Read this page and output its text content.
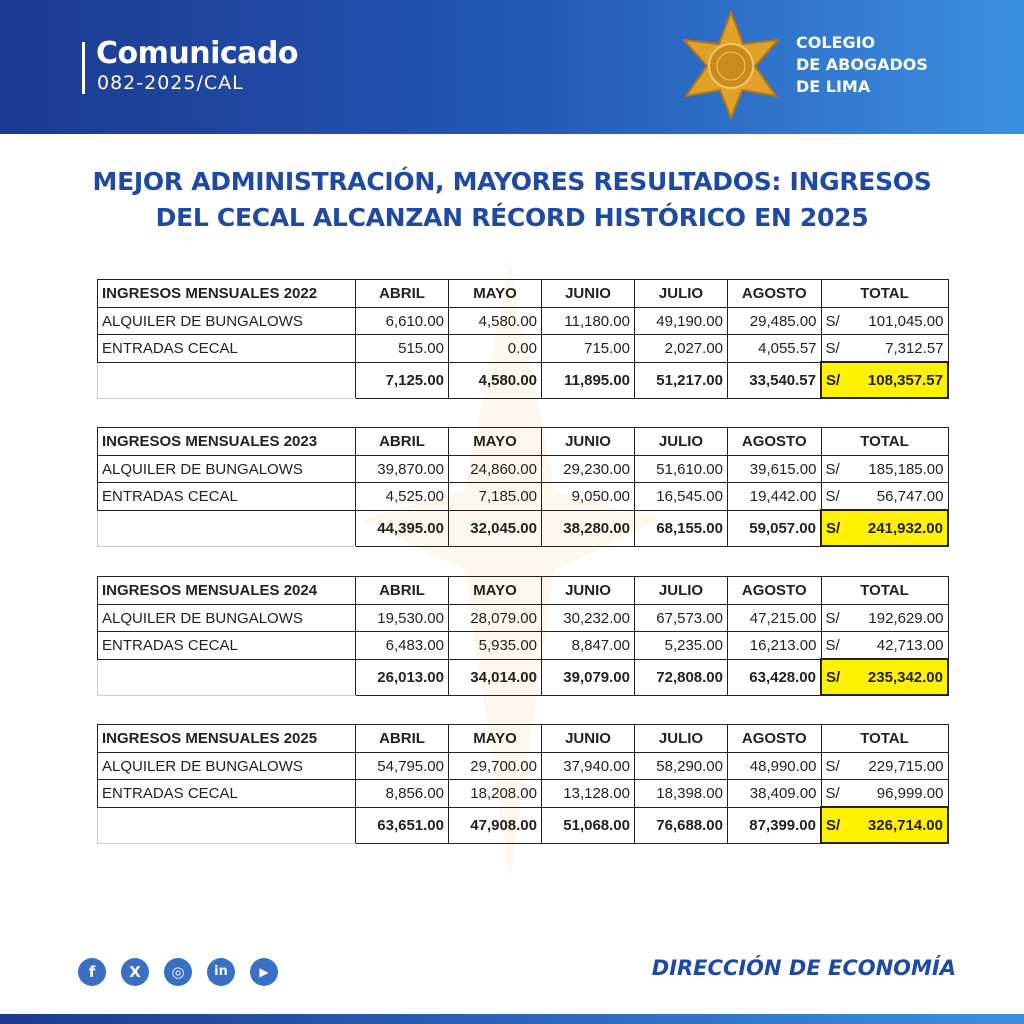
Comunicado
082-2025/CAL
COLEGIO
DE ABOGADOS
DE LIMA
MEJOR ADMINISTRACIÓN, MAYORES RESULTADOS: INGRESOS
DEL CECAL ALCANZAN RÉCORD HISTÓRICO EN 2025
INGRESOS MENSUALES 2022	ABRIL	MAYO	JUNIO	JULIO	AGOSTO	TOTAL
ALQUILER DE BUNGALOWS	6,610.00	4,580.00	11,180.00	49,190.00	29,485.00	S/ 101,045.00
ENTRADAS CECAL	515.00	0.00	715.00	2,027.00	4,055.57	S/ 7,312.57
	7,125.00	4,580.00	11,895.00	51,217.00	33,540.57	S/ 108,357.57
INGRESOS MENSUALES 2023	ABRIL	MAYO	JUNIO	JULIO	AGOSTO	TOTAL
ALQUILER DE BUNGALOWS	39,870.00	24,860.00	29,230.00	51,610.00	39,615.00	S/ 185,185.00
ENTRADAS CECAL	4,525.00	7,185.00	9,050.00	16,545.00	19,442.00	S/ 56,747.00
	44,395.00	32,045.00	38,280.00	68,155.00	59,057.00	S/ 241,932.00
INGRESOS MENSUALES 2024	ABRIL	MAYO	JUNIO	JULIO	AGOSTO	TOTAL
ALQUILER DE BUNGALOWS	19,530.00	28,079.00	30,232.00	67,573.00	47,215.00	S/ 192,629.00
ENTRADAS CECAL	6,483.00	5,935.00	8,847.00	5,235.00	16,213.00	S/ 42,713.00
	26,013.00	34,014.00	39,079.00	72,808.00	63,428.00	S/ 235,342.00
INGRESOS MENSUALES 2025	ABRIL	MAYO	JUNIO	JULIO	AGOSTO	TOTAL
ALQUILER DE BUNGALOWS	54,795.00	29,700.00	37,940.00	58,290.00	48,990.00	S/ 229,715.00
ENTRADAS CECAL	8,856.00	18,208.00	13,128.00	18,398.00	38,409.00	S/ 96,999.00
	63,651.00	47,908.00	51,068.00	76,688.00	87,399.00	S/ 326,714.00
f	X	◎	in	▶	DIRECCIÓN DE ECONOMÍA
